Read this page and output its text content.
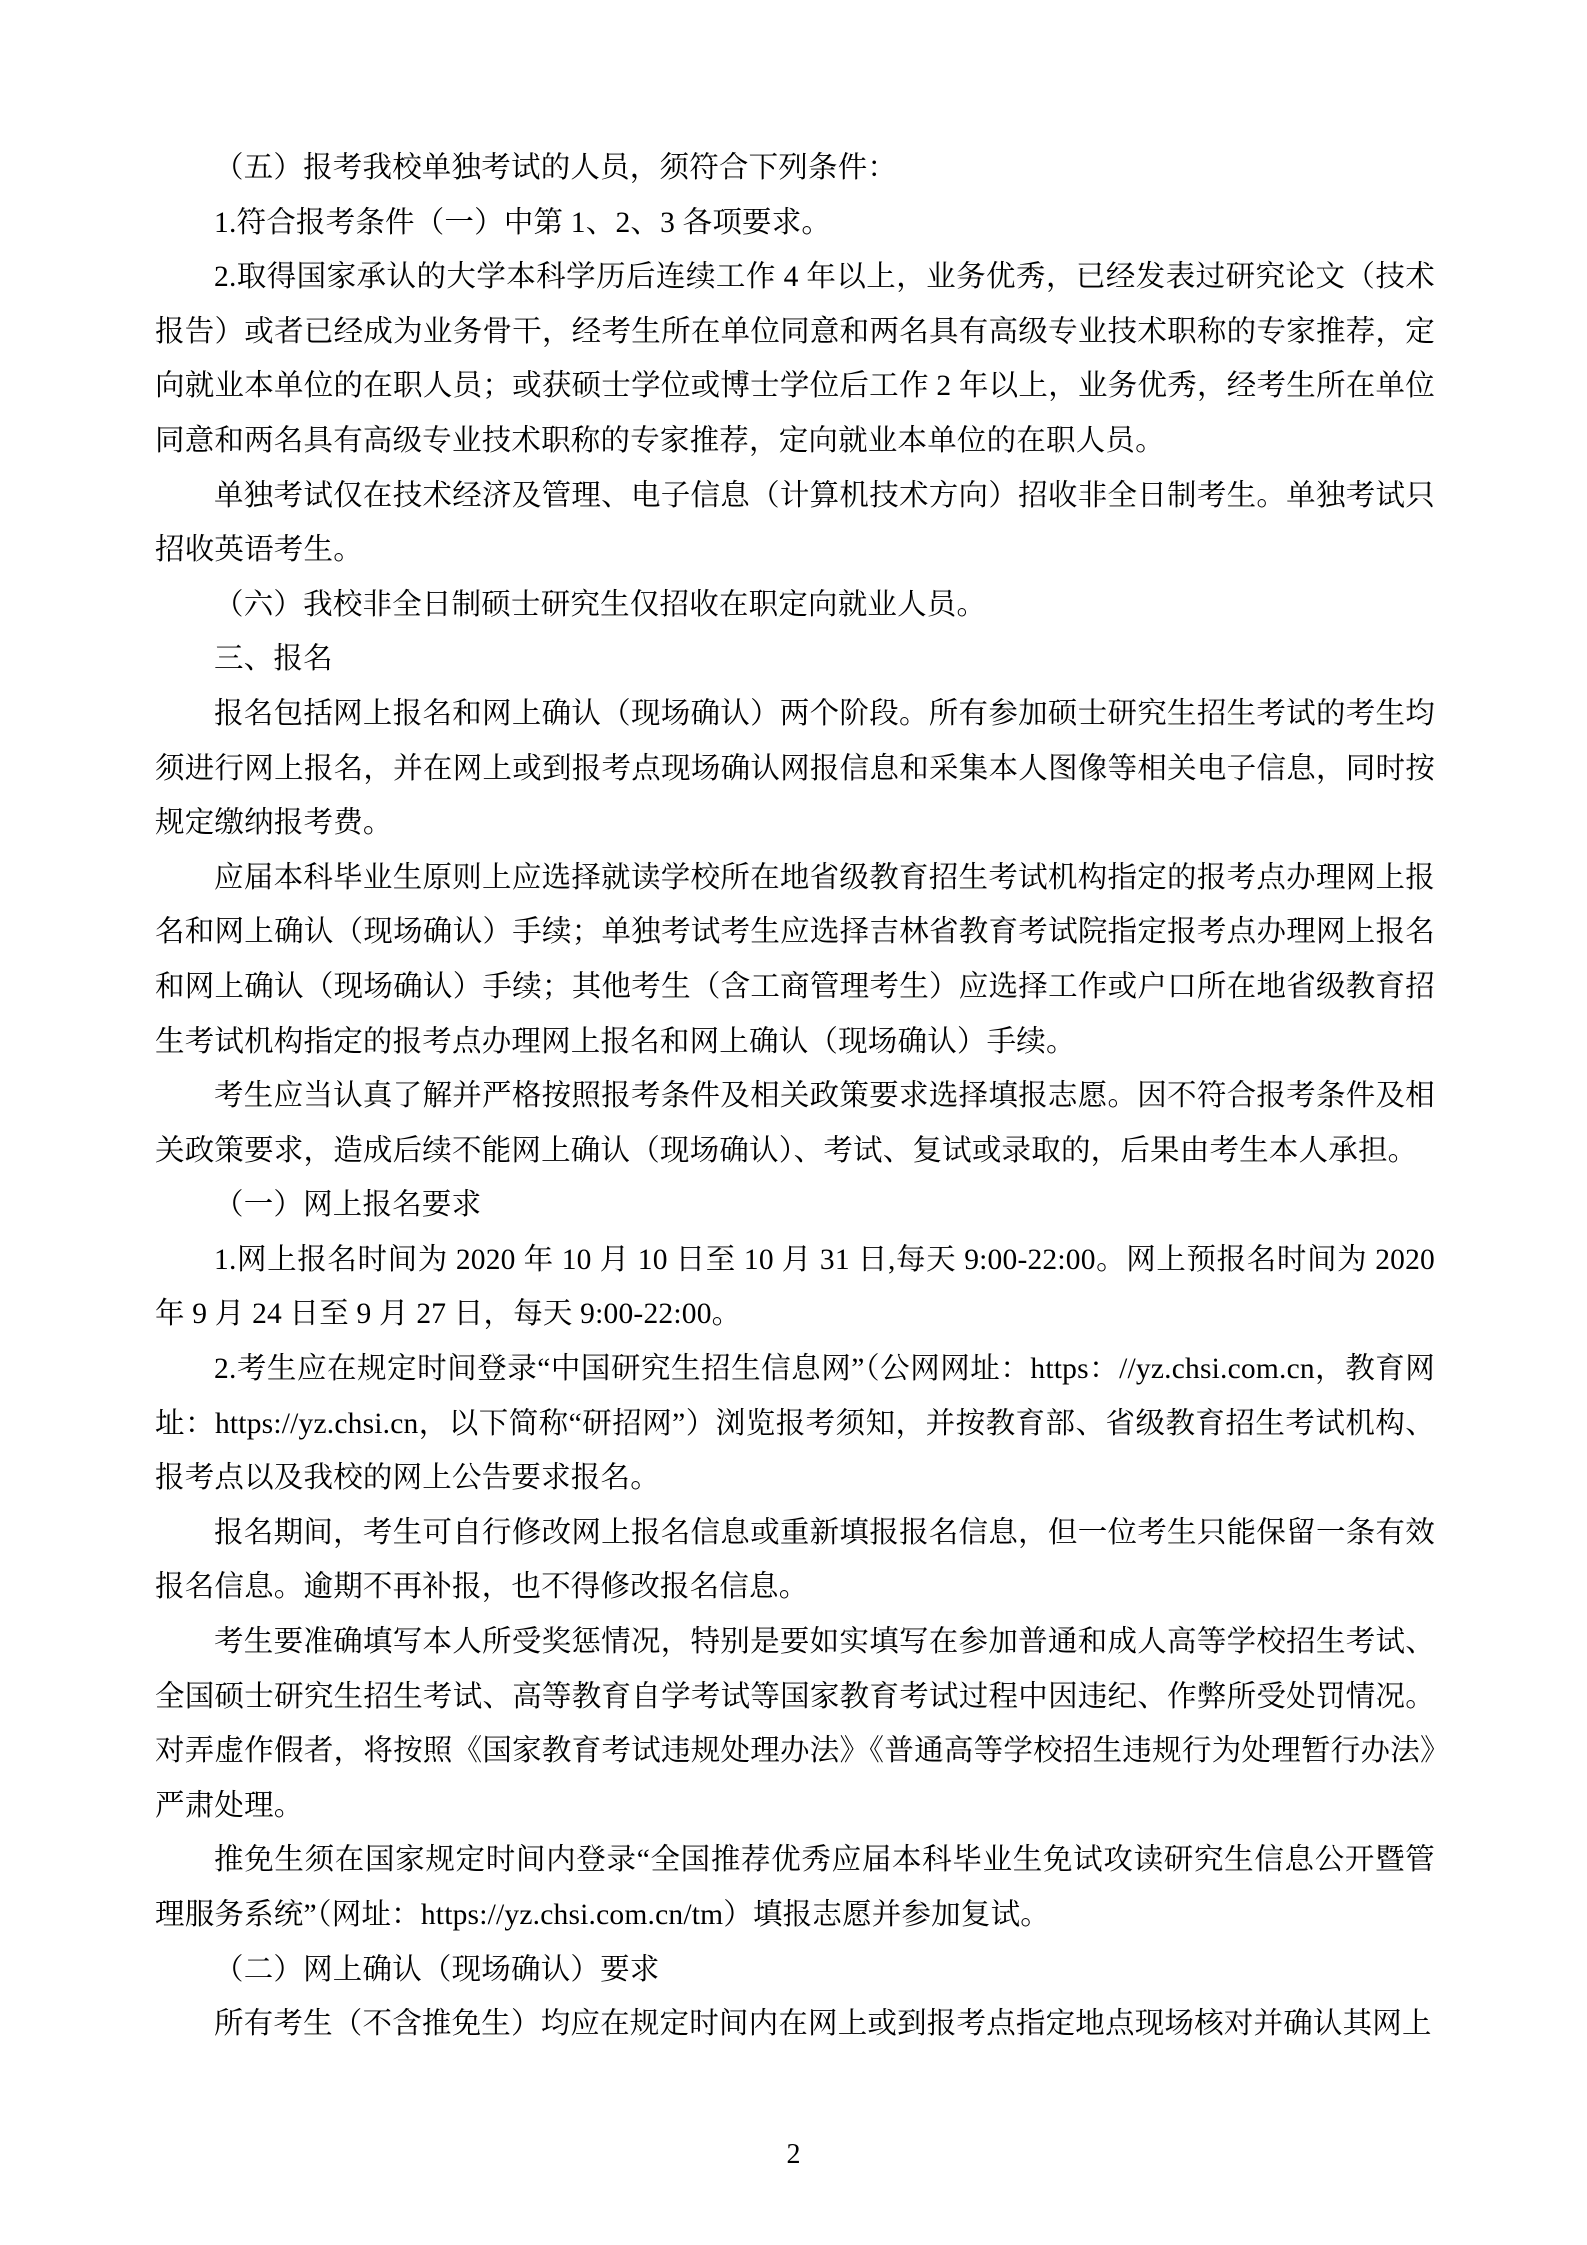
（五）报考我校单独考试的人员，须符合下列条件：

1.符合报考条件（一）中第 1、2、3 各项要求。

2.取得国家承认的大学本科学历后连续工作 4 年以上，业务优秀，已经发表过研究论文（技术报告）或者已经成为业务骨干，经考生所在单位同意和两名具有高级专业技术职称的专家推荐，定向就业本单位的在职人员；或获硕士学位或博士学位后工作 2 年以上，业务优秀，经考生所在单位同意和两名具有高级专业技术职称的专家推荐，定向就业本单位的在职人员。

单独考试仅在技术经济及管理、电子信息（计算机技术方向）招收非全日制考生。单独考试只招收英语考生。

（六）我校非全日制硕士研究生仅招收在职定向就业人员。

三、报名

报名包括网上报名和网上确认（现场确认）两个阶段。所有参加硕士研究生招生考试的考生均须进行网上报名，并在网上或到报考点现场确认网报信息和采集本人图像等相关电子信息，同时按规定缴纳报考费。

应届本科毕业生原则上应选择就读学校所在地省级教育招生考试机构指定的报考点办理网上报名和网上确认（现场确认）手续；单独考试考生应选择吉林省教育考试院指定报考点办理网上报名和网上确认（现场确认）手续；其他考生（含工商管理考生）应选择工作或户口所在地省级教育招生考试机构指定的报考点办理网上报名和网上确认（现场确认）手续。

考生应当认真了解并严格按照报考条件及相关政策要求选择填报志愿。因不符合报考条件及相关政策要求，造成后续不能网上确认（现场确认）、考试、复试或录取的，后果由考生本人承担。

（一）网上报名要求

1.网上报名时间为 2020 年 10 月 10 日至 10 月 31 日,每天 9:00-22:00。网上预报名时间为 2020 年 9 月 24 日至 9 月 27 日，每天 9:00-22:00。

2.考生应在规定时间登录“中国研究生招生信息网”（公网网址：https：//yz.chsi.com.cn，教育网址：https://yz.chsi.cn，以下简称“研招网”）浏览报考须知，并按教育部、省级教育招生考试机构、报考点以及我校的网上公告要求报名。

报名期间，考生可自行修改网上报名信息或重新填报报名信息，但一位考生只能保留一条有效报名信息。逾期不再补报，也不得修改报名信息。

考生要准确填写本人所受奖惩情况，特别是要如实填写在参加普通和成人高等学校招生考试、全国硕士研究生招生考试、高等教育自学考试等国家教育考试过程中因违纪、作弊所受处罚情况。对弄虚作假者，将按照《国家教育考试违规处理办法》《普通高等学校招生违规行为处理暂行办法》严肃处理。

推免生须在国家规定时间内登录“全国推荐优秀应届本科毕业生免试攻读研究生信息公开暨管理服务系统”（网址：https://yz.chsi.com.cn/tm）填报志愿并参加复试。

（二）网上确认（现场确认）要求

所有考生（不含推免生）均应在规定时间内在网上或到报考点指定地点现场核对并确认其网上

2
